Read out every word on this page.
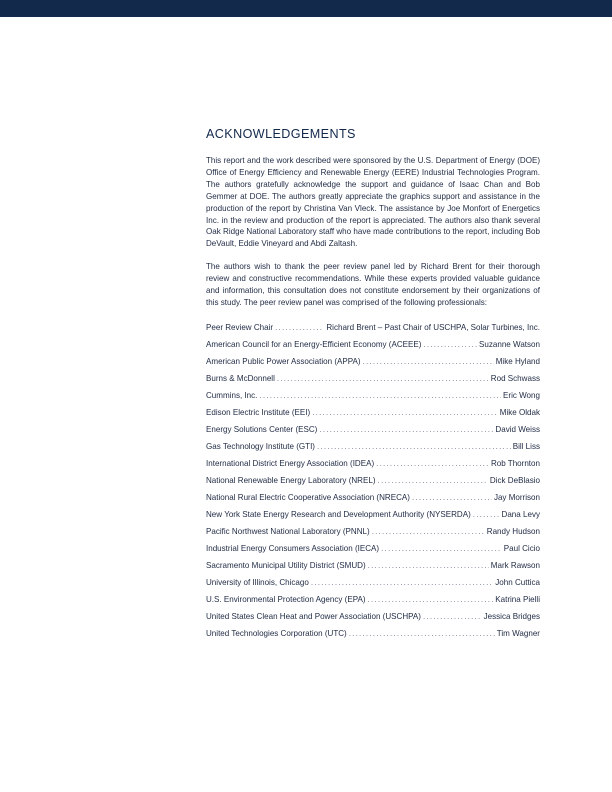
ACKNOWLEDGEMENTS

This report and the work described were sponsored by the U.S. Department of Energy (DOE) Office of Energy Efficiency and Renewable Energy (EERE) Industrial Technologies Program. The authors gratefully acknowledge the support and guidance of Isaac Chan and Bob Gemmer at DOE. The authors greatly appreciate the graphics support and assistance in the production of the report by Christina Van Vleck. The assistance by Joe Monfort of Energetics Inc. in the review and production of the report is appreciated. The authors also thank several Oak Ridge National Laboratory staff who have made contributions to the report, including Bob DeVault, Eddie Vineyard and Abdi Zaltash.

The authors wish to thank the peer review panel led by Richard Brent for their thorough review and constructive recommendations. While these experts provided valuable guidance and information, this consultation does not constitute endorsement by their organizations of this study. The peer review panel was comprised of the following professionals:

Peer Review Chair .....	Richard Brent – Past Chair of USCHPA, Solar Turbines, Inc.
American Council for an Energy-Efficient Economy (ACEEE) .....	Suzanne Watson
American Public Power Association (APPA) .....	Mike Hyland
Burns & McDonnell .....	Rod Schwass
Cummins, Inc. .....	Eric Wong
Edison Electric Institute (EEI) .....	Mike Oldak
Energy Solutions Center (ESC) .....	David Weiss
Gas Technology Institute (GTI) .....	Bill Liss
International District Energy Association (IDEA) .....	Rob Thornton
National Renewable Energy Laboratory (NREL) .....	Dick DeBlasio
National Rural Electric Cooperative Association (NRECA) .....	Jay Morrison
New York State Energy Research and Development Authority (NYSERDA) .....	Dana Levy
Pacific Northwest National Laboratory (PNNL) .....	Randy Hudson
Industrial Energy Consumers Association (IECA) .....	Paul Cicio
Sacramento Municipal Utility District (SMUD) .....	Mark Rawson
University of Illinois, Chicago .....	John Cuttica
U.S. Environmental Protection Agency (EPA) .....	Katrina Pielli
United States Clean Heat and Power Association (USCHPA) .....	Jessica Bridges
United Technologies Corporation (UTC) .....	Tim Wagner
